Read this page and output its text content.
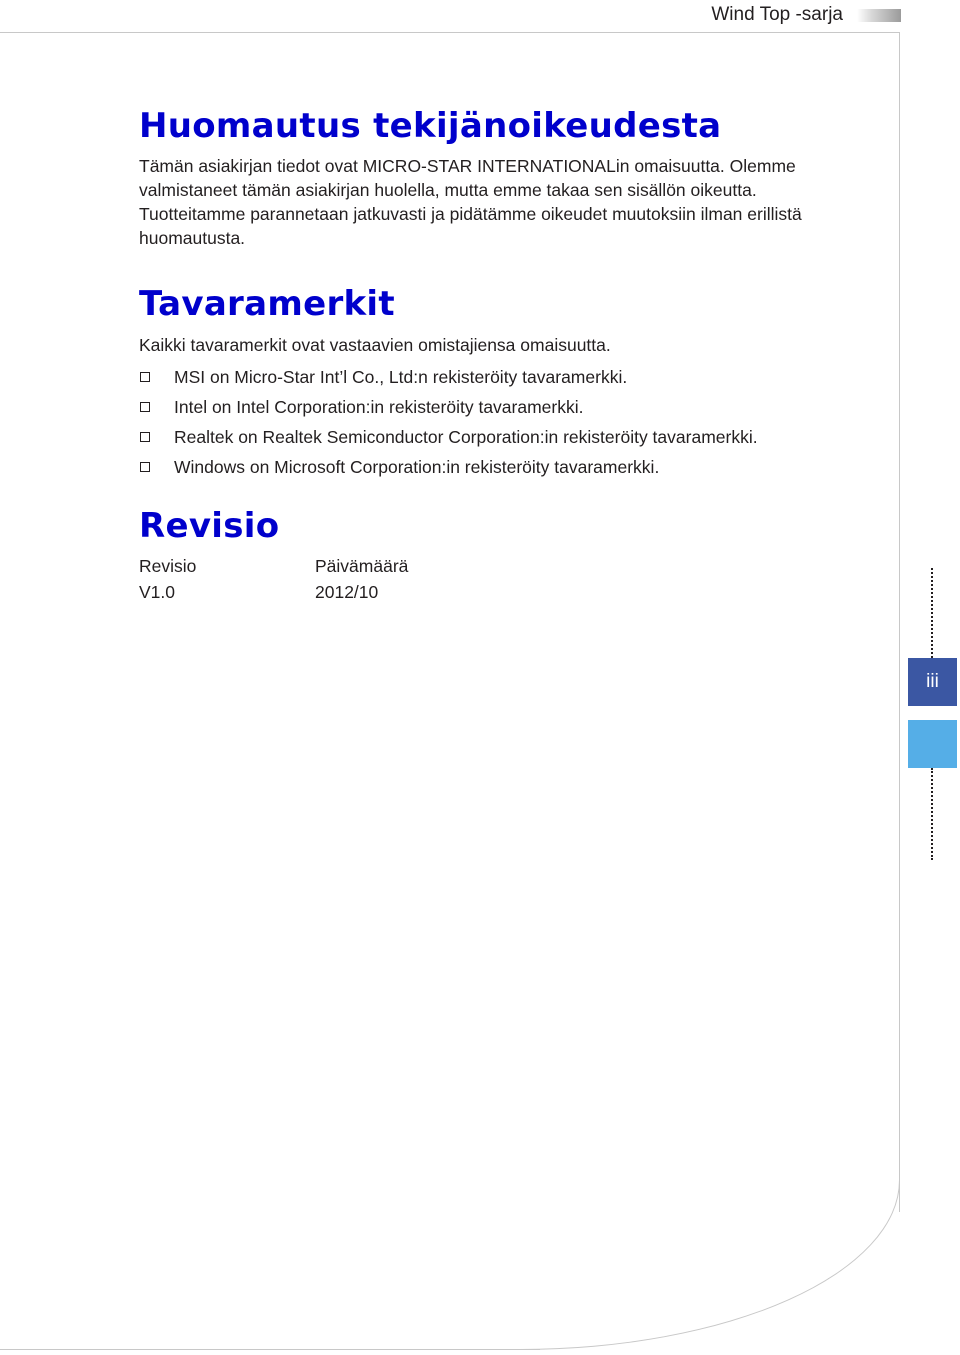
Wind Top -sarja
Huomautus tekijänoikeudesta

Tämän asiakirjan tiedot ovat MICRO-STAR INTERNATIONALin omaisuutta. Olemme valmistaneet tämän asiakirjan huolella, mutta emme takaa sen sisällön oikeutta. Tuotteitamme parannetaan jatkuvasti ja pidätämme oikeudet muutoksiin ilman erillistä huomautusta.

Tavaramerkit

Kaikki tavaramerkit ovat vastaavien omistajiensa omaisuutta.

MSI on Micro-Star Int’l Co., Ltd:n rekisteröity tavaramerkki.
Intel on Intel Corporation:in rekisteröity tavaramerkki.
Realtek on Realtek Semiconductor Corporation:in rekisteröity tavaramerkki.
Windows on Microsoft Corporation:in rekisteröity tavaramerkki.
Revisio
Revisio	Päivämäärä
V1.0	2012/10
iii
